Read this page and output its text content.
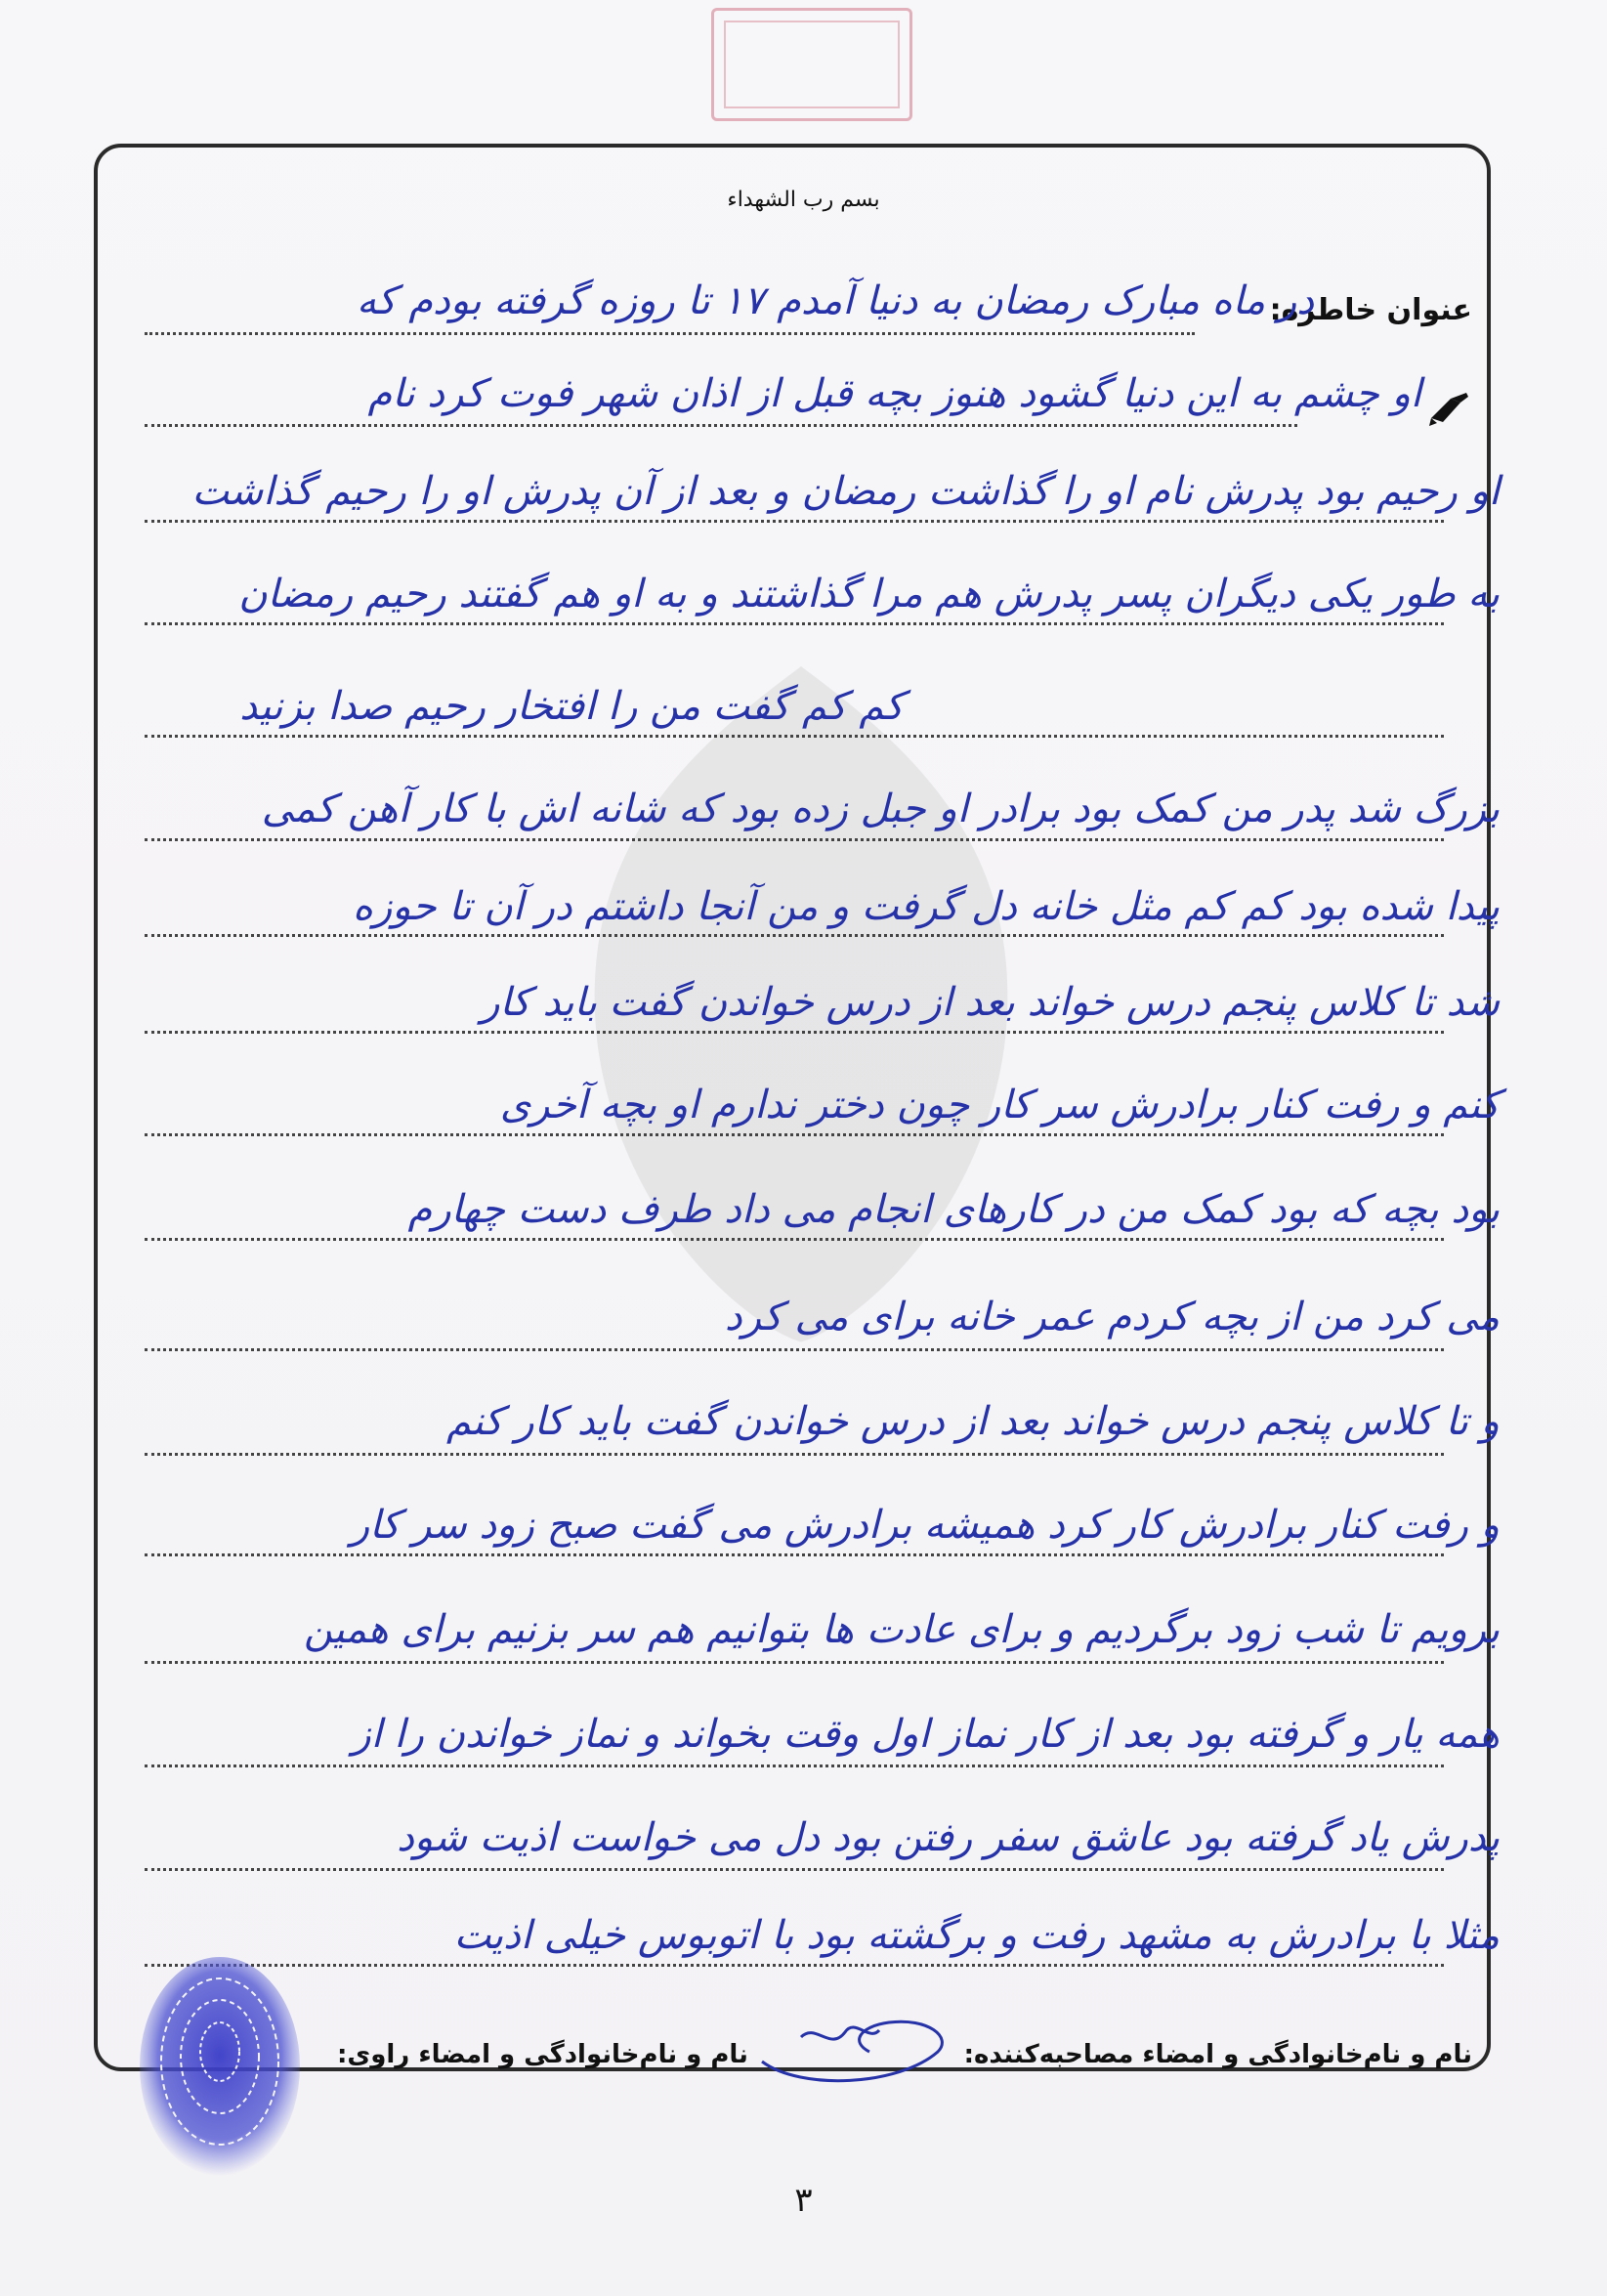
بسم رب الشهداء
عنوان خاطره:
در ماه مبارک رمضان به دنیا آمدم ۱۷ تا روزه گرفته بودم که
او چشم به این دنیا گشود هنوز بچه قبل از اذان شهر فوت کرد نام
او رحیم بود پدرش نام او را گذاشت رمضان و بعد از آن پدرش او را رحیم گذاشت
به طور یکی دیگران پسر پدرش هم مرا گذاشتند و به او هم گفتند رحیم رمضان
کم کم گفت من را افتخار رحیم صدا بزنید
بزرگ شد پدر من کمک بود برادر او جبل زده بود که شانه اش با کار آهن کمی
پیدا شده بود کم کم مثل خانه دل گرفت و من آنجا داشتم در آن تا حوزه
شد تا کلاس پنجم درس خواند بعد از درس خواندن گفت باید کار
کنم و رفت کنار برادرش سر کار چون دختر ندارم او بچه آخری
بود بچه که بود کمک من در کارهای انجام می داد طرف دست چهارم
می کرد من از بچه کردم عمر خانه برای می کرد
و تا کلاس پنجم درس خواند بعد از درس خواندن گفت باید کار کنم
و رفت کنار برادرش کار کرد همیشه برادرش می گفت صبح زود سر کار
برویم تا شب زود برگردیم و برای عادت ها بتوانیم هم سر بزنیم برای همین
همه یار و گرفته بود بعد از کار نماز اول وقت بخواند و نماز خواندن را از
پدرش یاد گرفته بود عاشق سفر رفتن بود دل می خواست اذیت شود
مثلا با برادرش به مشهد رفت و برگشته بود با اتوبوس خیلی اذیت
نام و نام‌خانوادگی و امضاء مصاحبه‌کننده:
نام و نام‌خانوادگی و امضاء راوی:
۳
